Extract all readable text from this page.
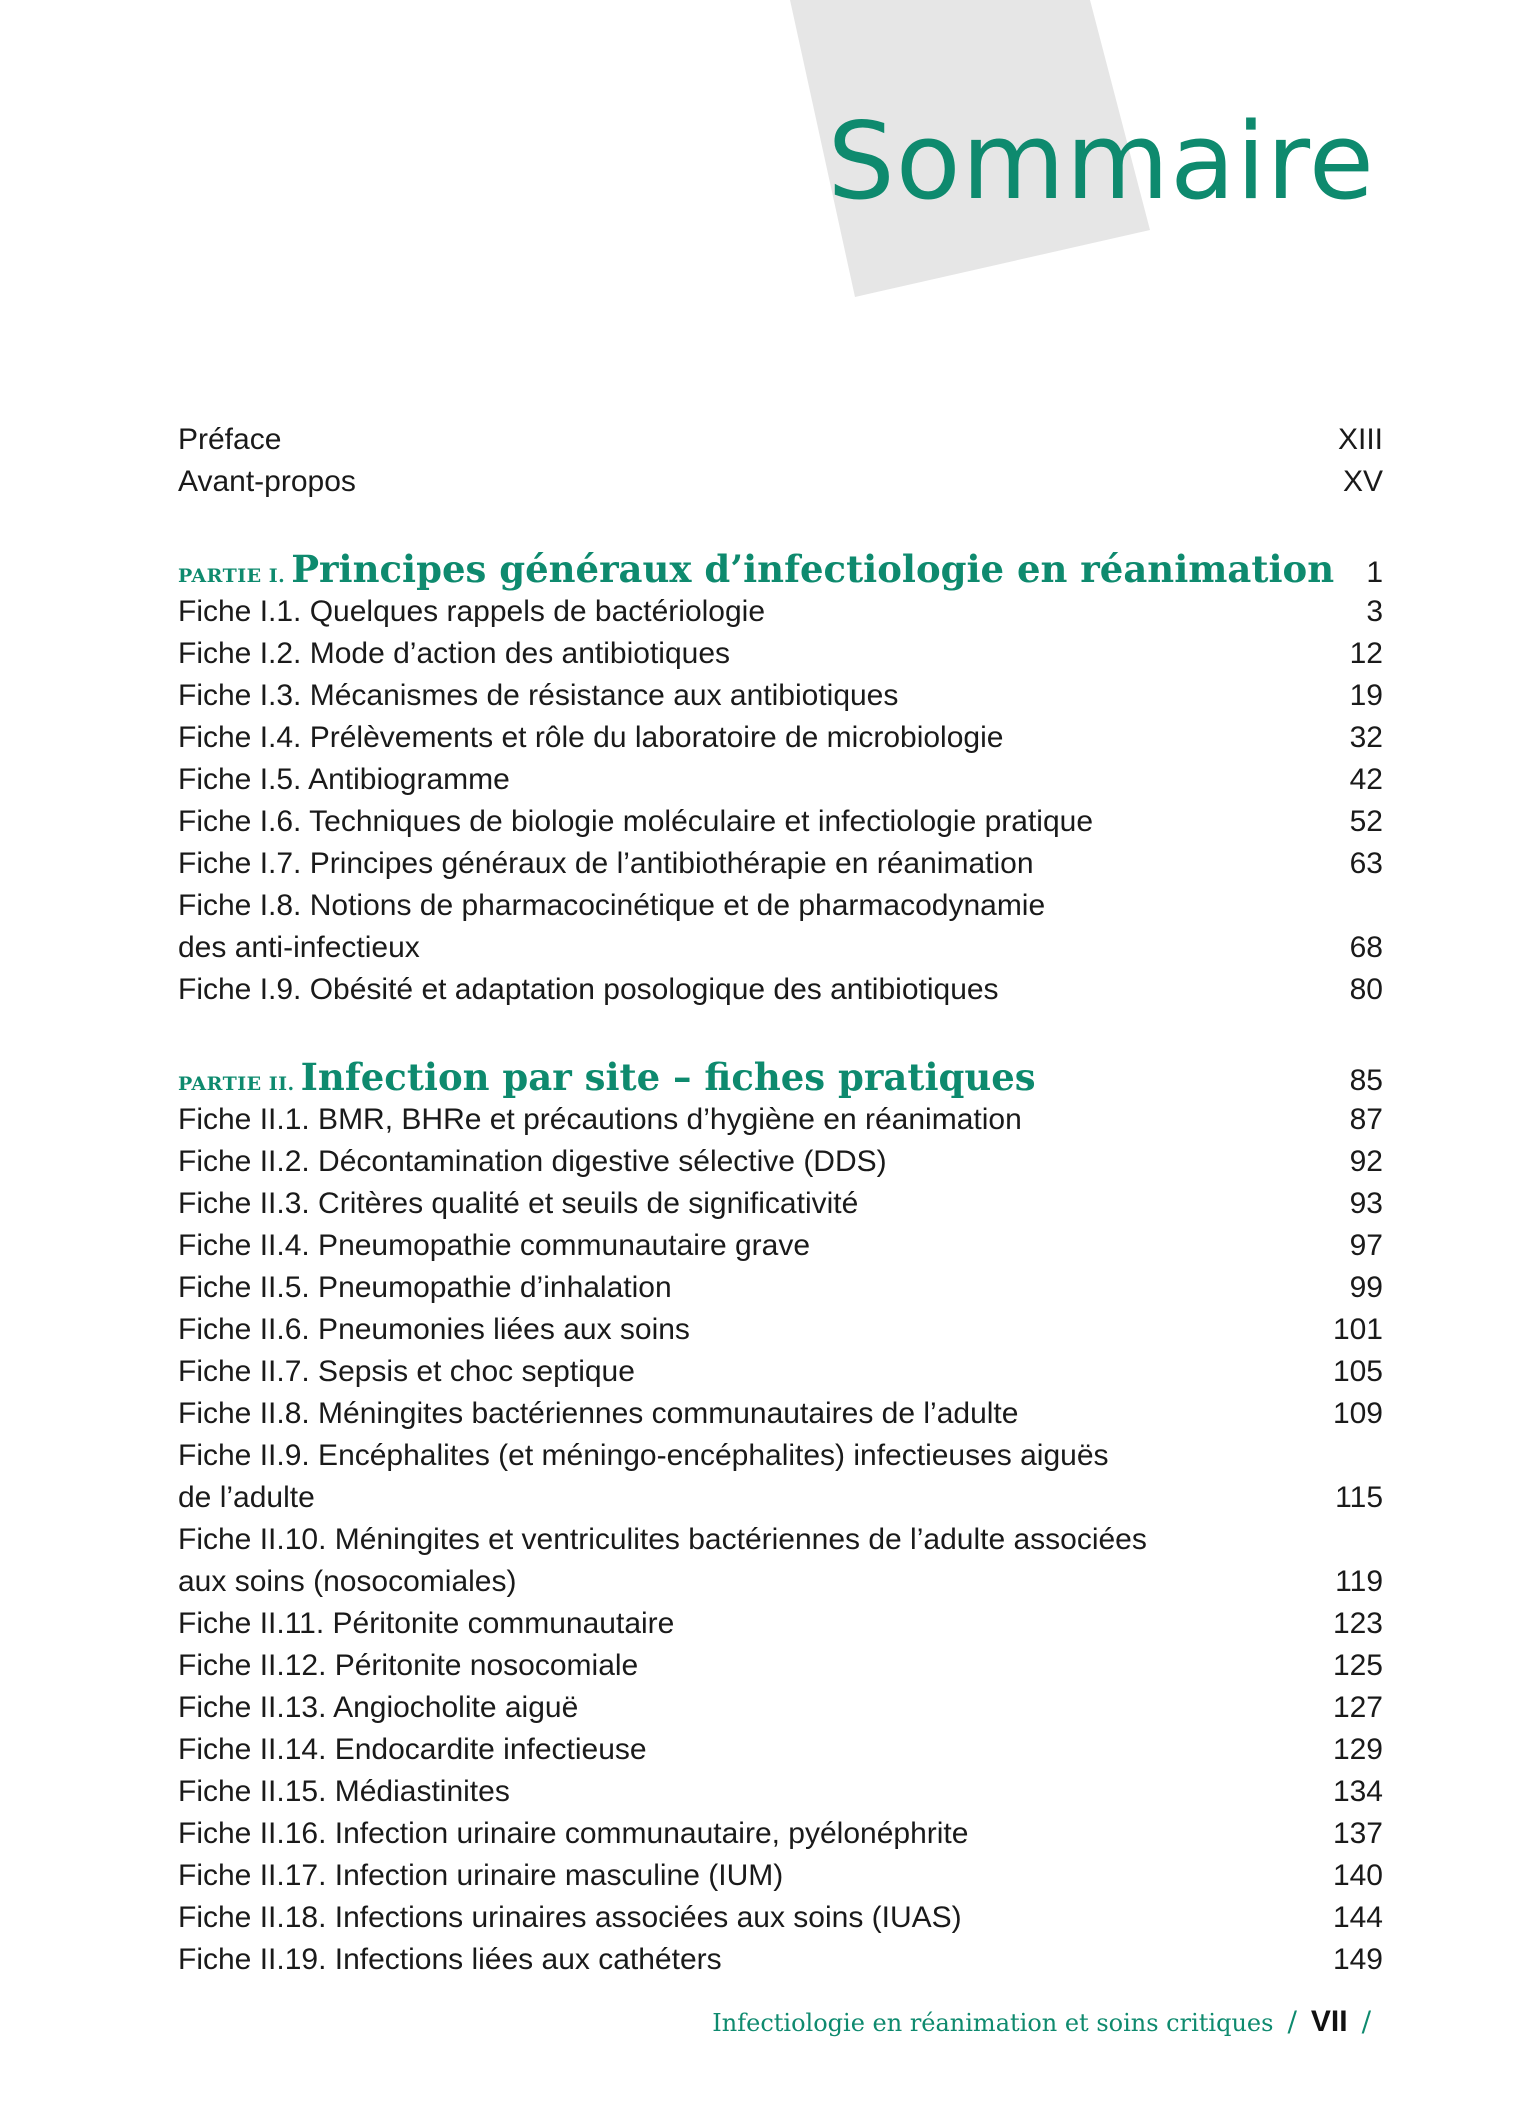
Sommaire
Préface	XIII
Avant-propos	XV
PARTIE I. Principes généraux d’infectiologie en réanimation 1
Fiche I.1. Quelques rappels de bactériologie	3
Fiche I.2. Mode d’action des antibiotiques	12
Fiche I.3. Mécanismes de résistance aux antibiotiques	19
Fiche I.4. Prélèvements et rôle du laboratoire de microbiologie	32
Fiche I.5. Antibiogramme	42
Fiche I.6. Techniques de biologie moléculaire et infectiologie pratique	52
Fiche I.7. Principes généraux de l’antibiothérapie en réanimation	63
Fiche I.8. Notions de pharmacocinétique et de pharmacodynamie des anti-infectieux	68
Fiche I.9. Obésité et adaptation posologique des antibiotiques	80
PARTIE II. Infection par site – fiches pratiques	85
Fiche II.1. BMR, BHRe et précautions d’hygiène en réanimation	87
Fiche II.2. Décontamination digestive sélective (DDS)	92
Fiche II.3. Critères qualité et seuils de significativité	93
Fiche II.4. Pneumopathie communautaire grave	97
Fiche II.5. Pneumopathie d’inhalation	99
Fiche II.6. Pneumonies liées aux soins	101
Fiche II.7. Sepsis et choc septique	105
Fiche II.8. Méningites bactériennes communautaires de l’adulte	109
Fiche II.9. Encéphalites (et méningo-encéphalites) infectieuses aiguës de l’adulte	115
Fiche II.10. Méningites et ventriculites bactériennes de l’adulte associées aux soins (nosocomiales)	119
Fiche II.11. Péritonite communautaire	123
Fiche II.12. Péritonite nosocomiale	125
Fiche II.13. Angiocholite aiguë	127
Fiche II.14. Endocardite infectieuse	129
Fiche II.15. Médiastinites	134
Fiche II.16. Infection urinaire communautaire, pyélonéphrite	137
Fiche II.17. Infection urinaire masculine (IUM)	140
Fiche II.18. Infections urinaires associées aux soins (IUAS)	144
Fiche II.19. Infections liées aux cathéters	149
Infectiologie en réanimation et soins critiques / VII /
